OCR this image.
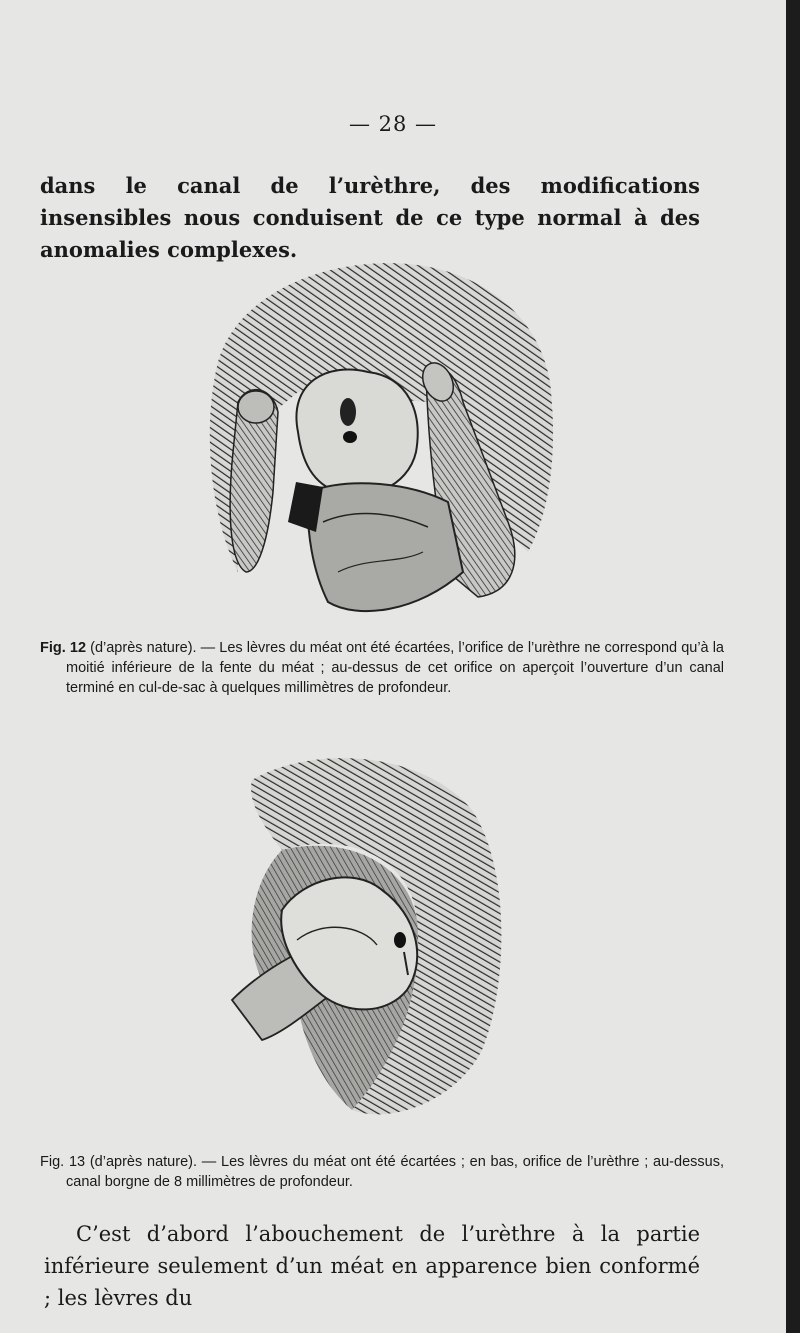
— 28 —

dans le canal de l’urèthre, des modifications insensibles nous conduisent de ce type normal à des anomalies complexes.

Fig. 12 (d’après nature). — Les lèvres du méat ont été écartées, l’orifice de l’urèthre ne correspond qu’à la moitié inférieure de la fente du méat ; au-dessus de cet orifice on aperçoit l’ouverture d’un canal terminé en cul-de-sac à quelques millimètres de profondeur.

Fig. 13 (d’après nature). — Les lèvres du méat ont été écartées ; en bas, orifice de l’urèthre ; au-dessus, canal borgne de 8 millimètres de profondeur.

C’est d’abord l’abouchement de l’urèthre à la partie inférieure seulement d’un méat en apparence bien conformé ; les lèvres du
